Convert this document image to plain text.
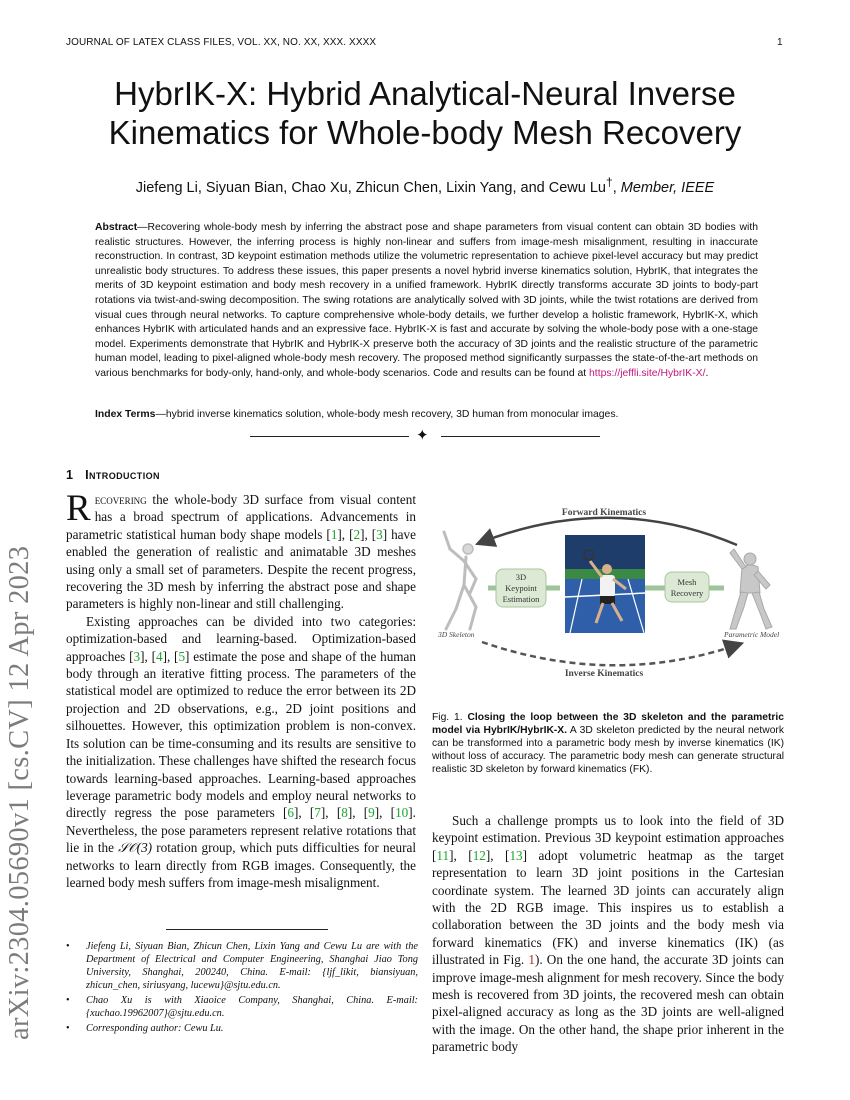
JOURNAL OF LATEX CLASS FILES, VOL. XX, NO. XX, XXX. XXXX	1
arXiv:2304.05690v1 [cs.CV] 12 Apr 2023
HybrIK-X: Hybrid Analytical-Neural Inverse Kinematics for Whole-body Mesh Recovery
Jiefeng Li, Siyuan Bian, Chao Xu, Zhicun Chen, Lixin Yang, and Cewu Lu†, Member, IEEE
Abstract—Recovering whole-body mesh by inferring the abstract pose and shape parameters from visual content can obtain 3D bodies with realistic structures. However, the inferring process is highly non-linear and suffers from image-mesh misalignment, resulting in inaccurate reconstruction. In contrast, 3D keypoint estimation methods utilize the volumetric representation to achieve pixel-level accuracy but may predict unrealistic body structures. To address these issues, this paper presents a novel hybrid inverse kinematics solution, HybrIK, that integrates the merits of 3D keypoint estimation and body mesh recovery in a unified framework. HybrIK directly transforms accurate 3D joints to body-part rotations via twist-and-swing decomposition. The swing rotations are analytically solved with 3D joints, while the twist rotations are derived from visual cues through neural networks. To capture comprehensive whole-body details, we further develop a holistic framework, HybrIK-X, which enhances HybrIK with articulated hands and an expressive face. HybrIK-X is fast and accurate by solving the whole-body pose with a one-stage model. Experiments demonstrate that HybrIK and HybrIK-X preserve both the accuracy of 3D joints and the realistic structure of the parametric human model, leading to pixel-aligned whole-body mesh recovery. The proposed method significantly surpasses the state-of-the-art methods on various benchmarks for body-only, hand-only, and whole-body scenarios. Code and results can be found at https://jeffli.site/HybrIK-X/.
Index Terms—hybrid inverse kinematics solution, whole-body mesh recovery, 3D human from monocular images.
✦
1 Introduction

Recovering the whole-body 3D surface from visual content has a broad spectrum of applications. Advancements in parametric statistical human body shape models [1], [2], [3] have enabled the generation of realistic and animatable 3D meshes using only a small set of parameters. Despite the recent progress, recovering the 3D mesh by inferring the abstract pose and shape parameters is highly non-linear and still challenging.

Existing approaches can be divided into two categories: optimization-based and learning-based. Optimization-based approaches [3], [4], [5] estimate the pose and shape of the human body through an iterative fitting process. The parameters of the statistical model are optimized to reduce the error between its 2D projection and 2D observations, e.g., 2D joint positions and silhouettes. However, this optimization problem is non-convex. Its solution can be time-consuming and its results are sensitive to the initialization. These challenges have shifted the research focus towards learning-based approaches. Learning-based approaches leverage parametric body models and employ neural networks to directly regress the pose parameters [6], [7], [8], [9], [10]. Nevertheless, the pose parameters represent relative rotations that lie in the 𝒮𝒪(3) rotation group, which puts difficulties for neural networks to learn directly from RGB images. Consequently, the learned body mesh suffers from image-mesh misalignment.

• Jiefeng Li, Siyuan Bian, Zhicun Chen, Lixin Yang and Cewu Lu are with the Department of Electrical and Computer Engineering, Shanghai Jiao Tong University, Shanghai, 200240, China. E-mail: {ljf_likit, biansiyuan, zhicun_chen, siriusyang, lucewu}@sjtu.edu.cn.
• Chao Xu is with Xiaoice Company, Shanghai, China. E-mail: {xuchao.19962007}@sjtu.edu.cn.
• Corresponding author: Cewu Lu.
Forward Kinematics
Inverse Kinematics
3D Skeleton
3D
Keypoint
Estimation
Mesh
Recovery
Parametric Model
Fig. 1. Closing the loop between the 3D skeleton and the parametric model via HybrIK/HybrIK-X. A 3D skeleton predicted by the neural network can be transformed into a parametric body mesh by inverse kinematics (IK) without loss of accuracy. The parametric body mesh can generate structural realistic 3D skeleton by forward kinematics (FK).

Such a challenge prompts us to look into the field of 3D keypoint estimation. Previous 3D keypoint estimation approaches [11], [12], [13] adopt volumetric heatmap as the target representation to learn 3D joint positions in the Cartesian coordinate system. The learned 3D joints can accurately align with the 2D RGB image. This inspires us to establish a collaboration between the 3D joints and the body mesh via forward kinematics (FK) and inverse kinematics (IK) (as illustrated in Fig. 1). On the one hand, the accurate 3D joints can improve image-mesh alignment for mesh recovery. Since the body mesh is recovered from 3D joints, the recovered mesh can obtain pixel-aligned accuracy as long as the 3D joints are well-aligned with the image. On the other hand, the shape prior inherent in the parametric body
